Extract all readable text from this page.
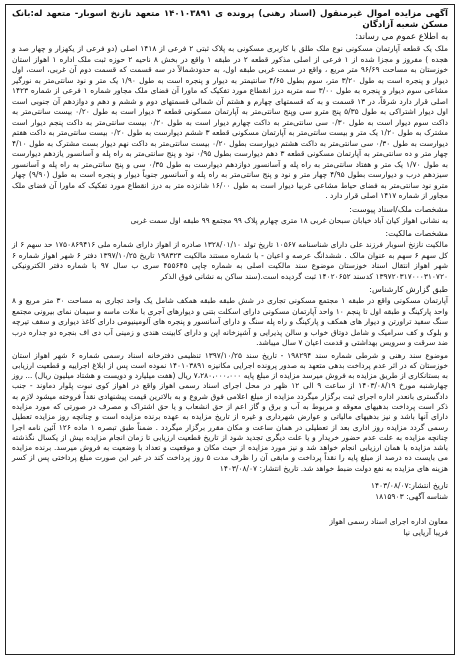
آگهی مزایده اموال غیرمنقول (اسناد رهنی) پرونده ی ۱۴۰۱۰۳۸۹۱ متعهد نازنخ اسوبار- متعهد له:بانک مسکن شعبه آزادگان
به اطلاع عموم می رساند:
ملک یک قطعه آپارتمان مسکونی نوع ملک طلق با کاربری مسکونی به پلاک ثبتی ۲ فرعی از ۱۴۱۸ اصلی (دو فرعی از یکهزار و چهار صد و هجده ) مفروز و مجزا شده از ۱ فرعی از اصلی مذکور قطعه ۲ در طبقه ۱ واقع در بخش ۸ ناحیه ۲ حوزه ثبت ملک اداره ۱ اهواز استان خوزستان به مساحت ۹۶/۶۹ متر مربع ، واقع در سمت غربی طبقه اول، به حدودشمالاً در سه قسمت که قسمت دوم آن غربی، است، اول دیوار و پنجره است به طول ۳/۲۰ متر، سوم بطول ۴/۶۵ سانتیمتر به دیوار و پنجره است به طول ۱/۹۰ یک متر و نود سانتی‌متر به نورگیر مشاعی سوم دیوار و پنجره به طول ۳/۰۰ سه متربه درز انقطاع مورد تفکیک که ماورا آن فضای ملک مجاور شماره ۱ فرعی از شماره ۱۴۲۳ اصلی قرار دارد شرقاً، در ۱۳ قسمت و به که قسمتهای چهارم و هشتم آن شمالی قسمتهای دوم و ششم و دهم و دوازدهم آن جنوبی است اول دیوار اشتراکی به طول ۵/۳۵ پنج مترو سی وپنج سانتی‌متر به آپارتمان مسکونی قطعه ۳ دیوار است به طول ۰/۲۰ بیست سانتی‌متر به داکت سوم دیوار است به طول ۰/۳۰ سی سانتی‌متر به داکت چهارم دیوار است به طول ۰/۲۰ بیست سانتی‌متر به داکت پنجم دیوار است مشترک به طول ۱/۲۰ یک متر و بیست سانتی‌متر به آپارتمان مسکونی قطعه ۳ ششم دیوارست به طول ۰/۲۰ بیست سانتی‌متر به داکت هفتم دیوارست به طول ۰/۳۰ سی سانتی‌متر به داکت هشتم دیوارست بطول ۰/۲۰ بیست سانتی‌متر به داکت نهم دیوار بست مشترک به طول ۴/۱۰ چهار متر و ده سانتی‌متر به آپارتمان مسکونی قطعه ۳ دهم دیوارست بطول ۰/۹۵ نود و پنج سانتی‌متر به راه پله و آسانسور یازدهم دیوارست به طول ۱/۷۰ یک متر و هفتاد سانتی‌متر به راه پله و آسانسور دوازدهم دیوارست به طول ۰/۳۵ سی و پنج سانتی‌متر به راه پله و آسانسور سیزدهم درب و دیوارست بطول ۴/۹۵ چهار متر و نود و پنج سانتی‌متر به راه پله و آسانسور جنوباً دیوار و پنجره است به طول (۹/۹۰) چهار مترو نود سانتی‌متر به فضای حیاط مشاعی غربیا دیوار است به طول ۱۶/۰۰ شانزده متر به درز انقطاع مورد تفکیک که ماورا آن فضای ملک مجاور از شماره ۱۴۱۷ اصلی قرار دارد .
مشخصات ملک/اسناد پیوست:
به نشانی اهواز کیان آباد خیابان سبحان غربی ۱۸ متری چهارم پلاک ۹۹ مجتمع ۹۹ طبقه اول سمت غربی
مشخصات مالکیت:
مالکیت نازنخ اسوبار فرزند علی دارای شناسنامه ۱۰۵۶۷ تاریخ تولد ۱۳۲۸/۰۱/۱۰ صادره از اهواز دارای شماره ملی ۱۷۵۰۸۶۹۴۱۶ حد سهم ۶ از کل سهم ۶ سهم به عنوان مالک . ششدانگ عرصه و اعیان - با شماره مستند مالکیت ۱۹۸۳۲۳ تاریخ ۱۳۹۷/۱۰/۲۵ دفتر ۶ شهر اهواز شماره ۶ شهر اهواز انتقال اسناد خوزستان موضوع سند مالکیت اصلی به شماره چاپی ۴۵۵۶۴۵ سری ب سال ۹۷ با شماره دفتر الکترونیکی ۱۳۹۷۲۰۳۱۷۰۰۰۳۱۰۷۲۰ کدسند ۱۴۰۲۰۶۵۲ ثبت گردیده است.(سند ساکن به نشانی فوق الذکر
طبق گزارش کارشناس:
آپارتمان مسکونی واقع در طبقه ۱ مجتمع مسکونی تجاری در شش طبقه طبقه همکف شامل یک واحد تجاری به مساحت ۳۰ متر مربع و ۸ واحد پارکینگ و طبقه اول تا پنجم ۱۰ واحد آپارتمان مسکونی دارای اسکلت بتنی و دیوارهای آجری با ملات ماسه و سیمان نمای بیرونی مجتمع سنگ سفید تراورتن و دیوار های همکف و پارکینگ و راه پله سنگ و دارای آسانسور و پنجره های آلومینیومی دارای کاغذ دیواری و سقف تیرچه و بلوک و کف سرامیک و شامل دوتاق خواب و سالن پذیرایی و آشپزخانه اپن و دارای کابینت هندی و زمینی آب دی اف بنجره دو جداره درب ضد سرقت و سرویس بهداشتی و قدمت اعیان ۷ سال میباشد.
موضوع سند رهنی و شرطی شماره سند ۱۹۸۲۹۴ - تاریخ سند ۱۳۹۷/۱۰/۲۵ تنظیمی دفترخانه اسناد رسمی شماره ۶ شهر اهواز استان خوزستان که در اثر عدم پرداخت بدهی متعهد به صدور پرونده اجرایی مکانیزه ۱۴۰۱۰۳۸۹۱ نموده است پس از ابلاغ اجراییه و قطعیت ارزیابی به بستانکاری از طریق مزایده به فروش میرسد مزایده از مبلغ پایه ۷،۲۸۰،۰۰۰،۰۰۰ ریال (هفت میلیارد و دویست و هشتاد میلیون ریال) ... روز چهارشنبه مورخ ۱۴۰۳/۰۸/۱۹ از ساعت ۹ الی ۱۲ ظهر در محل اجرای اسناد رسمی اهواز واقع در اهواز کوی نبوت پلوار دماوند - جنب دادگستری بانعدر اداره اجرای ثبت برگزار میگردد مزایده از مبلغ اعلامی فوق شروع و به بالاترین قیمت پیشنهادی نقداً فروخته میشود لازم به ذکر است پرداخت بدهیهای معوقه و مربوط به آب و برق و گاز اعم از حق انشعاب و یا حق اشتراک و مصرف در صورتی که مورد مزایده دارای آنها باشد و نیز بدهیهای مالیاتی و عوارض شهرداری و غیره از تاریخ مزایده به عهده برنده مزایده است و چنانچه روز مزایده تعطیل رسمی گردد مزایده روز اداری بعد از تعطیلی در همان ساعت و مکان مقرر برگزار میگردد . ضمناً طبق تبصره ۱ ماده ۱۲۶ آئین نامه اجرا چنانچه مزایده به علت عدم حضور خریدار و یا علت دیگری تجدید شود از تاریخ قطعیت ارزیابی تا زمان انجام مزایده بیش از یکسال نگذشته باشد مزایده با همان ارزیابی انجام خواهد شد و نیز مورد مزایده از حیث مکان و موقعیت و تعداد با وضعیت به فروش میرسد. برنده مزایده می بایست ده درصد از مبلغ پایه را نقداً پرداخت و مابقی آن را ظرف مدت ۵ روز پرداخت کند در غیر این صورت مبلغ پرداختی پس از کسر هزینه های مزایده به نفع دولت ضبط خواهد شد. تاریخ انتشار: ۱۴۰۳/۰۸/۰۷
تاریخ انتشار:۱۴۰۳/۰۸/۰۷
شناسه آگهی: ۱۸۱۵۹۰۳
معاون اداره اجرای اسناد رسمی اهواز
فریبا آریایی نیا
